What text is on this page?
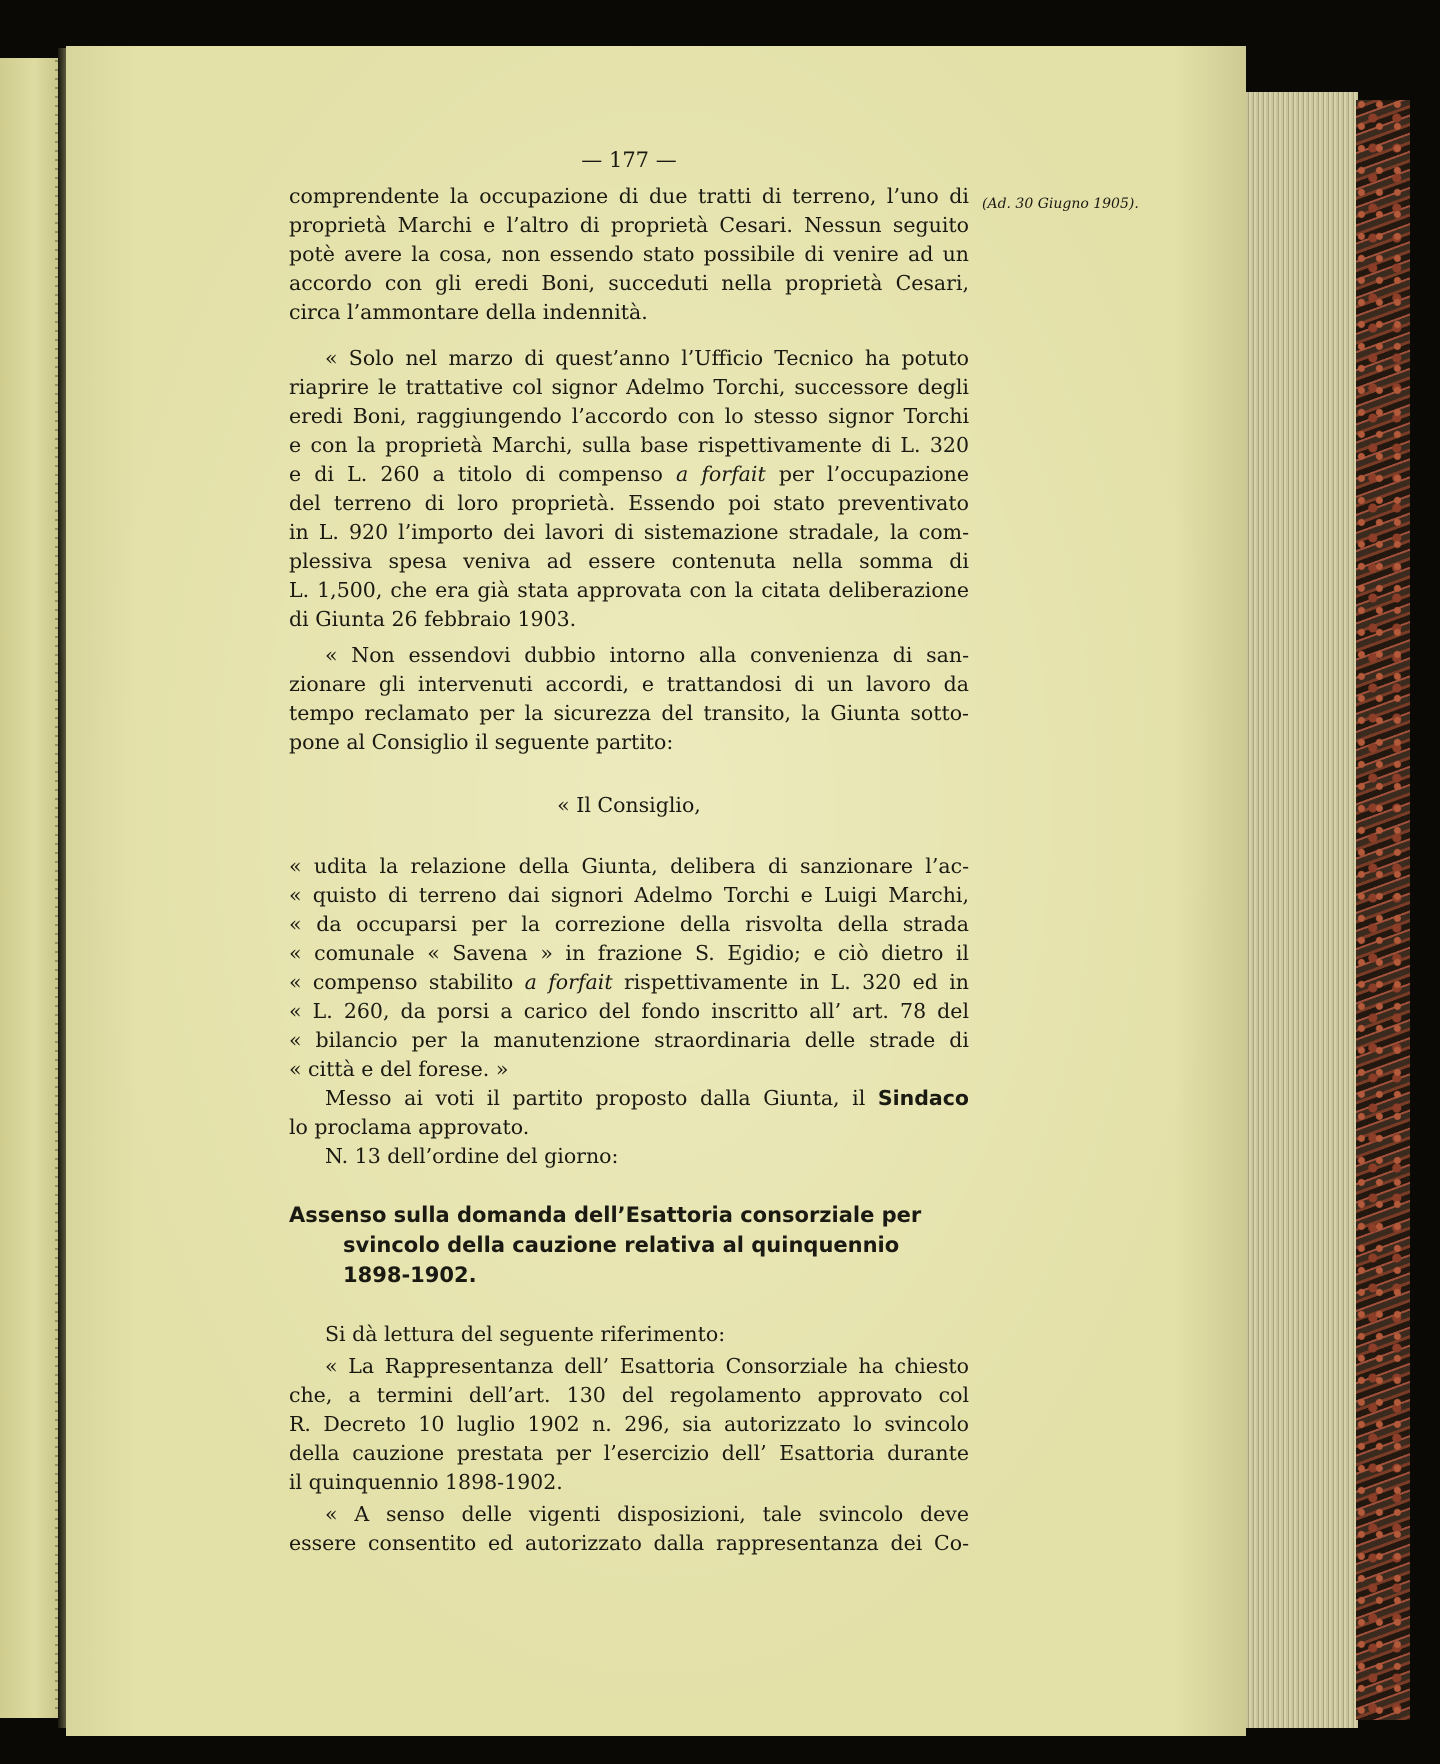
— 177 —
(Ad. 30 Giugno 1905).
comprendente la occupazione di due tratti di terreno, l’uno di
proprietà Marchi e l’altro di proprietà Cesari. Nessun seguito
potè avere la cosa, non essendo stato possibile di venire ad un
accordo con gli eredi Boni, succeduti nella proprietà Cesari,
circa l’ammontare della indennità.
« Solo nel marzo di quest’anno l’Ufficio Tecnico ha potuto
riaprire le trattative col signor Adelmo Torchi, successore degli
eredi Boni, raggiungendo l’accordo con lo stesso signor Torchi
e con la proprietà Marchi, sulla base rispettivamente di L. 320
e di L. 260 a titolo di compenso a forfait per l’occupazione
del terreno di loro proprietà. Essendo poi stato preventivato
in L. 920 l’importo dei lavori di sistemazione stradale, la com-
plessiva spesa veniva ad essere contenuta nella somma di
L. 1,500, che era già stata approvata con la citata deliberazione
di Giunta 26 febbraio 1903.
« Non essendovi dubbio intorno alla convenienza di san-
zionare gli intervenuti accordi, e trattandosi di un lavoro da
tempo reclamato per la sicurezza del transito, la Giunta sotto-
pone al Consiglio il seguente partito:
« Il Consiglio,
« udita la relazione della Giunta, delibera di sanzionare l’ac-
« quisto di terreno dai signori Adelmo Torchi e Luigi Marchi,
« da occuparsi per la correzione della risvolta della strada
« comunale « Savena » in frazione S. Egidio; e ciò dietro il
« compenso stabilito a forfait rispettivamente in L. 320 ed in
« L. 260, da porsi a carico del fondo inscritto all’ art. 78 del
« bilancio per la manutenzione straordinaria delle strade di
« città e del forese. »
Messo ai voti il partito proposto dalla Giunta, il Sindaco
lo proclama approvato.
N. 13 dell’ordine del giorno:
Assenso sulla domanda dell’Esattoria consorziale per
svincolo della cauzione relativa al quinquennio
1898-1902.
Si dà lettura del seguente riferimento:
« La Rappresentanza dell’ Esattoria Consorziale ha chiesto
che, a termini dell’art. 130 del regolamento approvato col
R. Decreto 10 luglio 1902 n. 296, sia autorizzato lo svincolo
della cauzione prestata per l’esercizio dell’ Esattoria durante
il quinquennio 1898-1902.
« A senso delle vigenti disposizioni, tale svincolo deve
essere consentito ed autorizzato dalla rappresentanza dei Co-
